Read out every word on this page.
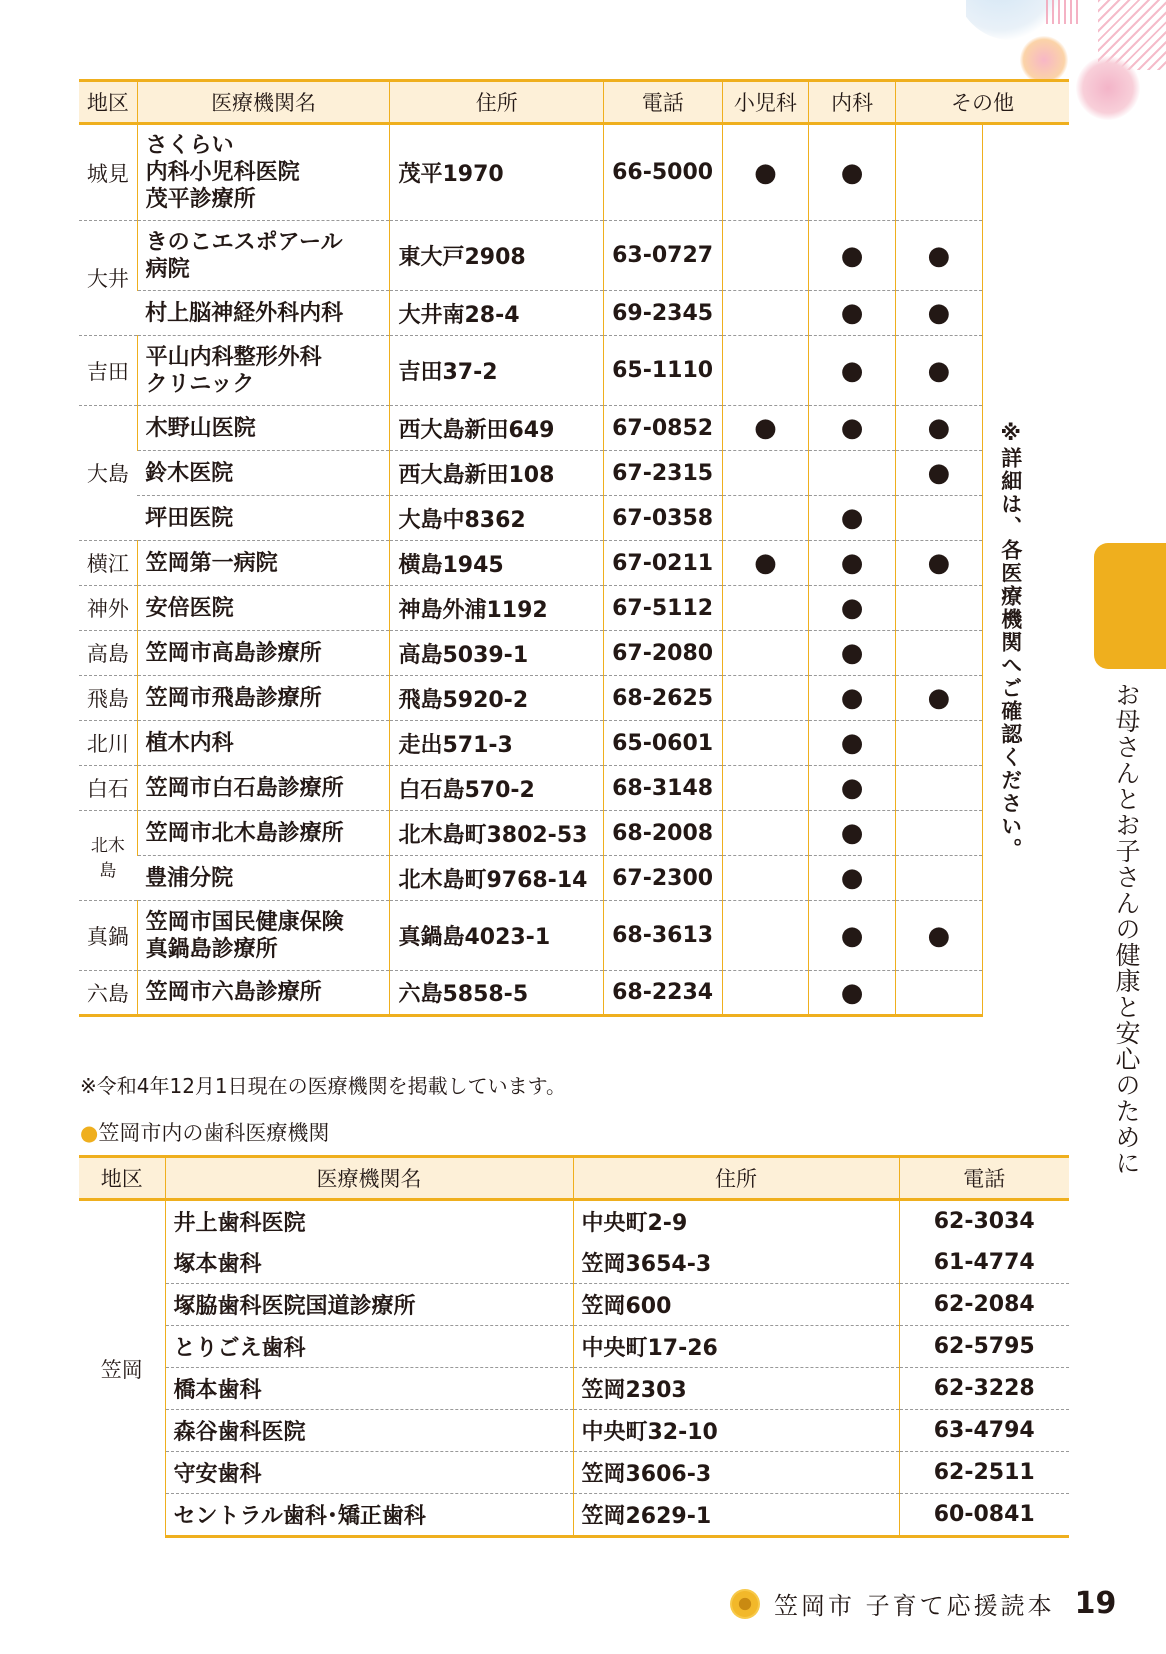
お母さんとお子さんの健康と安心のために
地区	医療機関名	住所	電話	小児科	内科	その他	
城見	さくらい
内科小児科医院
茂平診療所	茂平1970	66-5000	●	●		※詳細は、各医療機関へご確認ください。

大井	きのこエスポアール
病院	東大戸2908	63-0727		●	●	
	村上脳神経外科内科	大井南28-4	69-2345		●	●	
吉田	平山内科整形外科
クリニック	吉田37-2	65-1110		●	●	
大島	木野山医院	西大島新田649	67-0852	●	●	●	
	鈴木医院	西大島新田108	67-2315			●	
	坪田医院	大島中8362	67-0358		●		
横江	笠岡第一病院	横島1945	67-0211	●	●	●	
神外	安倍医院	神島外浦1192	67-5112		●		
高島	笠岡市高島診療所	高島5039-1	67-2080		●		
飛島	笠岡市飛島診療所	飛島5920-2	68-2625		●	●	
北川	植木内科	走出571-3	65-0601		●		
白石	笠岡市白石島診療所	白石島570-2	68-3148		●		
北木島	笠岡市北木島診療所	北木島町3802-53	68-2008		●		
	豊浦分院	北木島町9768-14	67-2300		●		
真鍋	笠岡市国民健康保険
真鍋島診療所	真鍋島4023-1	68-3613		●	●	
六島	笠岡市六島診療所	六島5858-5	68-2234		●		
※令和4年12月1日現在の医療機関を掲載しています。
●笠岡市内の歯科医療機関
地区	医療機関名	住所	電話
笠岡	井上歯科医院	中央町2-9	62-3034
	塚本歯科	笠岡3654-3	61-4774
	塚脇歯科医院国道診療所	笠岡600	62-2084
	とりごえ歯科	中央町17-26	62-5795
	橋本歯科	笠岡2303	62-3228
	森谷歯科医院	中央町32-10	63-4794
	守安歯科	笠岡3606-3	62-2511
	セントラル歯科･矯正歯科	笠岡2629-1	60-0841
笠岡市 子育て応援読本 19
